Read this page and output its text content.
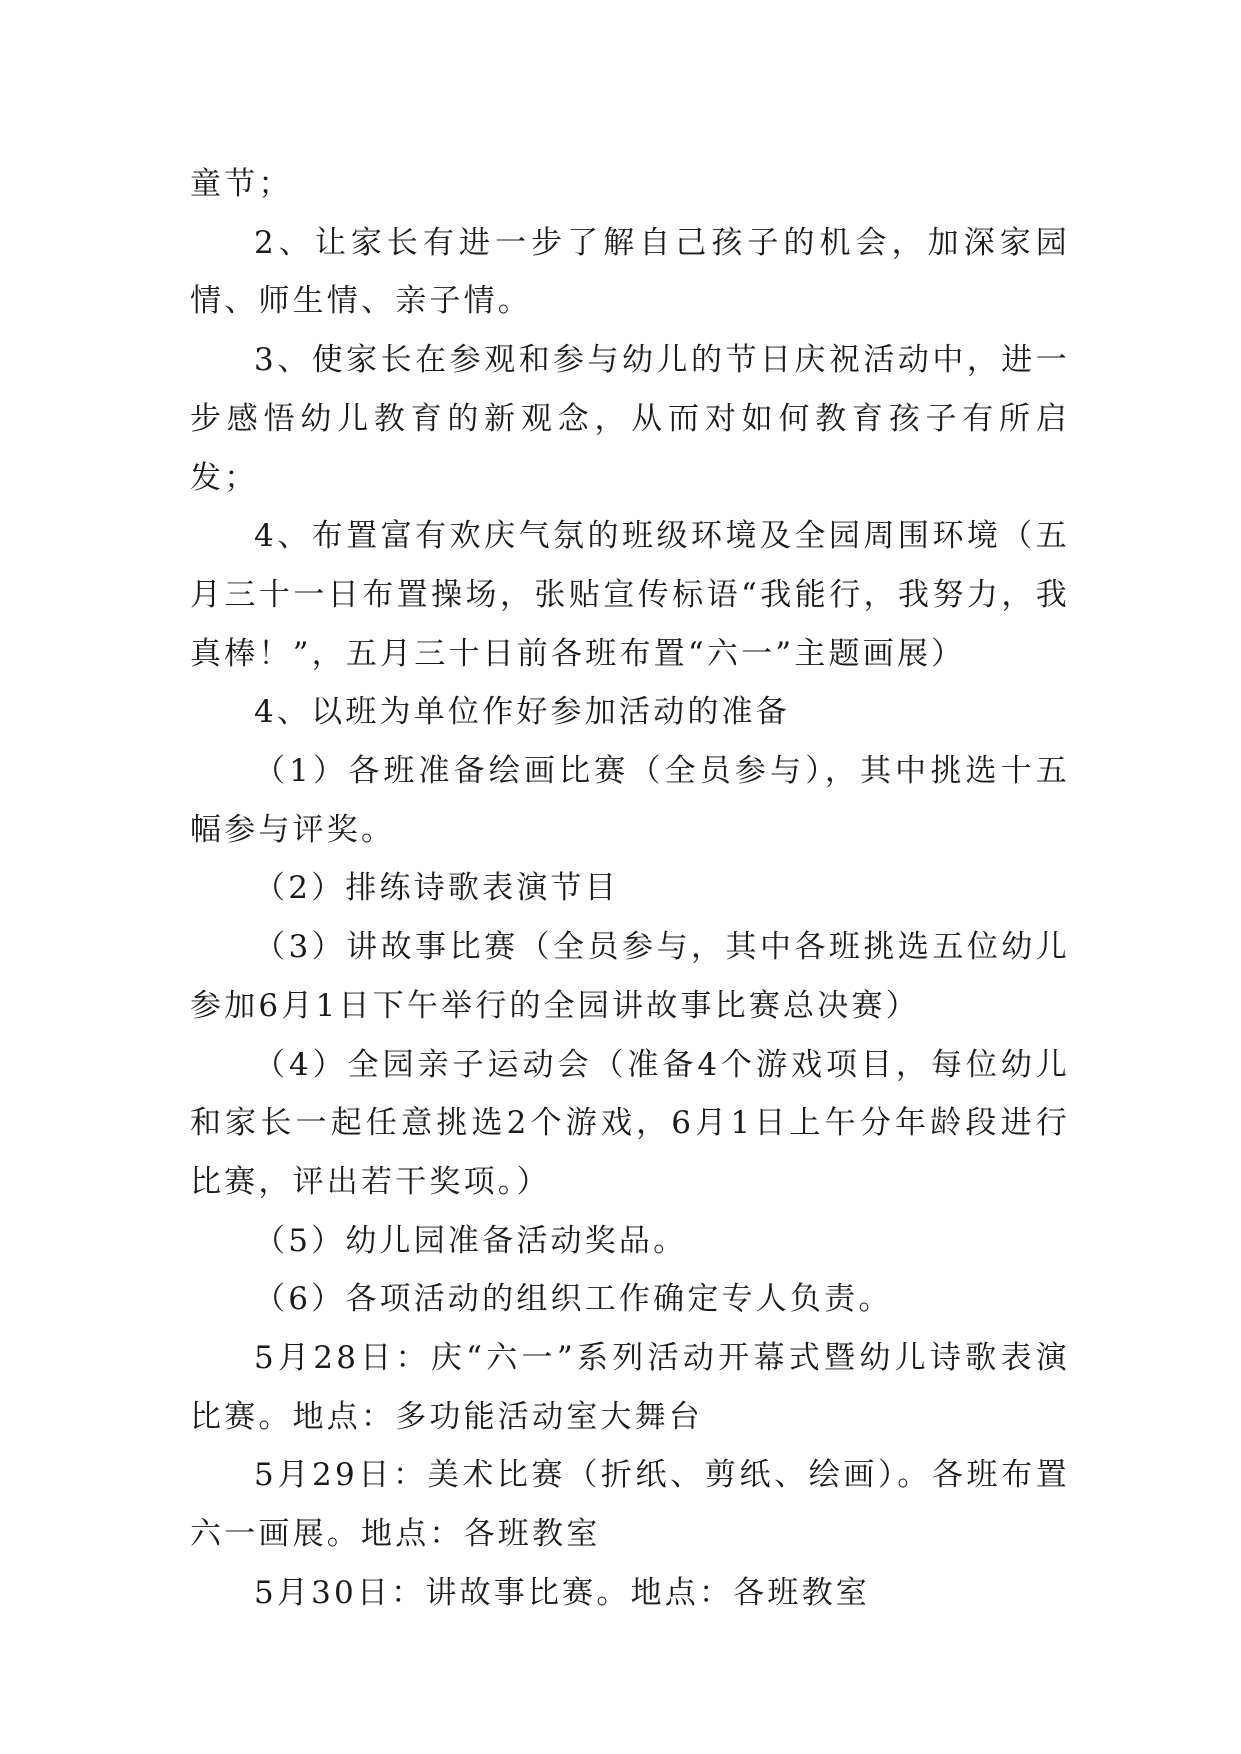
童节；

2、让家长有进一步了解自己孩子的机会，加深家园情、师生情、亲子情。

3、使家长在参观和参与幼儿的节日庆祝活动中，进一步感悟幼儿教育的新观念，从而对如何教育孩子有所启发；

4、布置富有欢庆气氛的班级环境及全园周围环境（五月三十一日布置操场，张贴宣传标语“我能行，我努力，我真棒！”，五月三十日前各班布置“六一”主题画展）

4、以班为单位作好参加活动的准备

（1）各班准备绘画比赛（全员参与），其中挑选十五幅参与评奖。

（2）排练诗歌表演节目

（3）讲故事比赛（全员参与，其中各班挑选五位幼儿参加6月1日下午举行的全园讲故事比赛总决赛）

（4）全园亲子运动会（准备4个游戏项目，每位幼儿和家长一起任意挑选2个游戏，6月1日上午分年龄段进行比赛，评出若干奖项。）

（5）幼儿园准备活动奖品。

（6）各项活动的组织工作确定专人负责。

5月28日：庆“六一”系列活动开幕式暨幼儿诗歌表演比赛。地点：多功能活动室大舞台

5月29日：美术比赛（折纸、剪纸、绘画）。各班布置六一画展。地点：各班教室

5月30日：讲故事比赛。地点：各班教室
